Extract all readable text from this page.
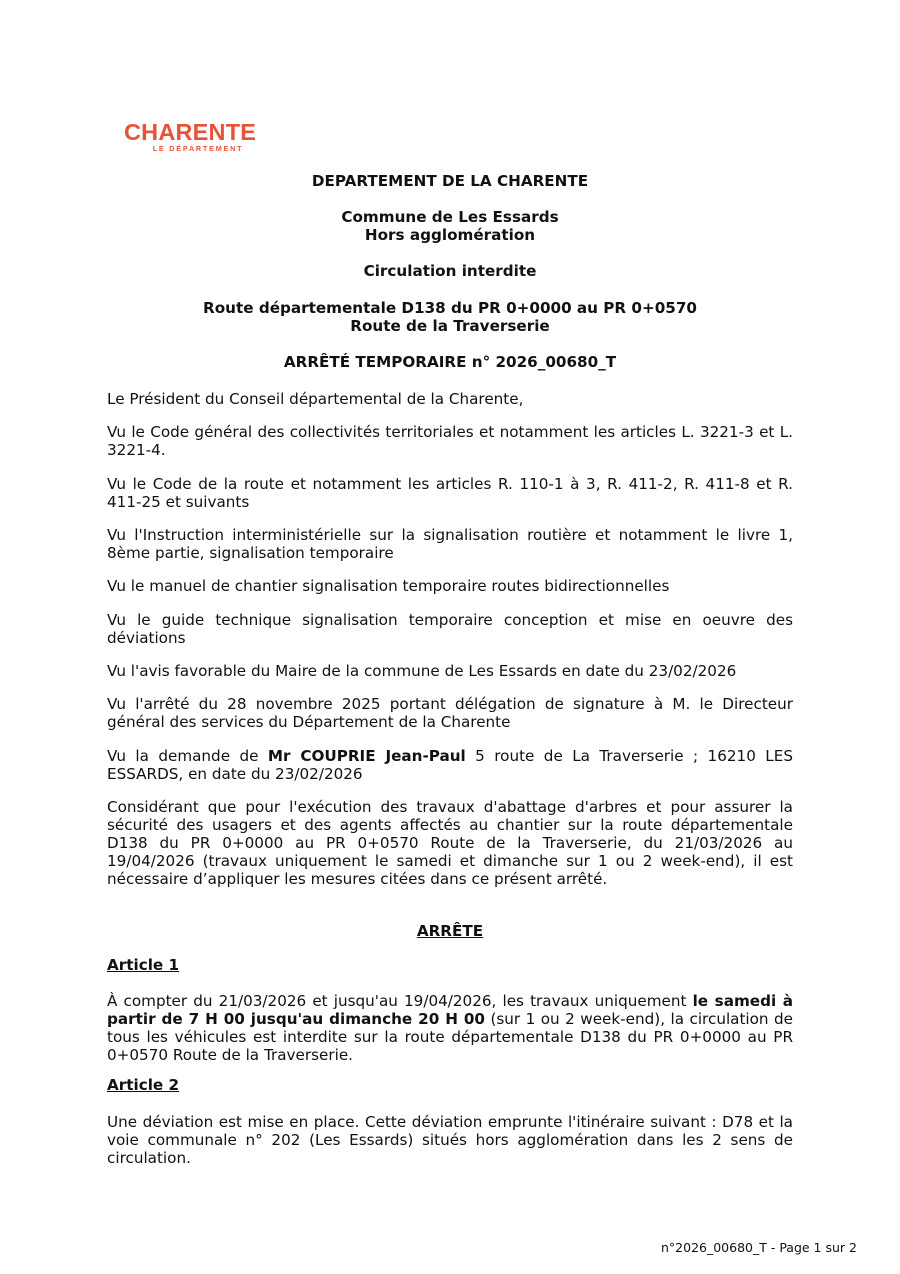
CHARENTE
LE DÉPARTEMENT
DEPARTEMENT DE LA CHARENTE
Commune de Les Essards
Hors agglomération
Circulation interdite
Route départementale D138 du PR 0+0000 au PR 0+0570
Route de la Traverserie
ARRÊTÉ TEMPORAIRE n° 2026_00680_T

Le Président du Conseil départemental de la Charente,

Vu le Code général des collectivités territoriales et notamment les articles L. 3221-3 et L. 3221-4.

Vu le Code de la route et notamment les articles R. 110-1 à 3, R. 411-2, R. 411-8 et R. 411-25 et suivants

Vu l'Instruction interministérielle sur la signalisation routière et notamment le livre 1, 8ème partie, signalisation temporaire

Vu le manuel de chantier signalisation temporaire routes bidirectionnelles

Vu le guide technique signalisation temporaire conception et mise en oeuvre des déviations

Vu l'avis favorable du Maire de la commune de Les Essards en date du 23/02/2026

Vu l'arrêté du 28 novembre 2025 portant délégation de signature à M. le Directeur général des services du Département de la Charente

Vu la demande de Mr COUPRIE Jean-Paul 5 route de La Traverserie ; 16210 LES ESSARDS, en date du 23/02/2026

Considérant que pour l'exécution des travaux d'abattage d'arbres et pour assurer la sécurité des usagers et des agents affectés au chantier sur la route départementale D138 du PR 0+0000 au PR 0+0570 Route de la Traverserie, du 21/03/2026 au 19/04/2026 (travaux uniquement le samedi et dimanche sur 1 ou 2 week-end), il est nécessaire d’appliquer les mesures citées dans ce présent arrêté.

ARRÊTE
Article 1

À compter du 21/03/2026 et jusqu'au 19/04/2026, les travaux uniquement le samedi à partir de 7 H 00 jusqu'au dimanche 20 H 00 (sur 1 ou 2 week-end), la circulation de tous les véhicules est interdite sur la route départementale D138 du PR 0+0000 au PR 0+0570 Route de la Traverserie.

Article 2

Une déviation est mise en place. Cette déviation emprunte l'itinéraire suivant : D78 et la voie communale n° 202 (Les Essards) situés hors agglomération dans les 2 sens de circulation.

n°2026_00680_T - Page 1 sur 2
